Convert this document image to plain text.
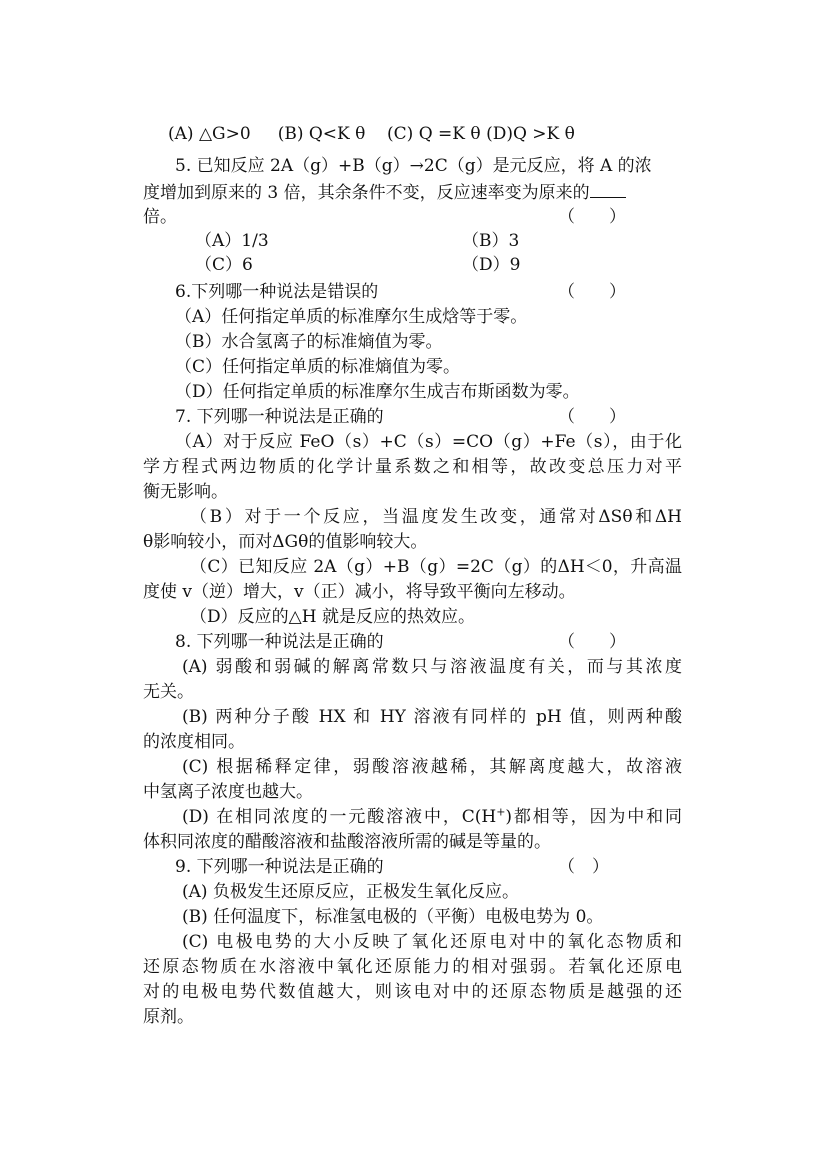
(A) △G>0 (B) Q<K θ (C) Q =K θ (D)Q >K θ
5. 已知反应 2A（g）+B（g）→2C（g）是元反应，将 A 的浓
度增加到原来的 3 倍，其余条件不变，反应速率变为原来的
倍。	（　　）
（A）1/3	（B）3
（C）6	（D）9
6.下列哪一种说法是错误的	（　　）
（A）任何指定单质的标准摩尔生成焓等于零。
（B）水合氢离子的标准熵值为零。
（C）任何指定单质的标准熵值为零。
（D）任何指定单质的标准摩尔生成吉布斯函数为零。
7. 下列哪一种说法是正确的	（　　）
（A）对于反应 FeO（s）+C（s）=CO（g）+Fe（s），由于化
学方程式两边物质的化学计量系数之和相等，故改变总压力对平
衡无影响。
（B）对于一个反应，当温度发生改变，通常对ΔSθ和ΔH
θ影响较小，而对ΔGθ的值影响较大。
（C）已知反应 2A（g）+B（g）=2C（g）的ΔH＜0，升高温
度使 v（逆）增大，v（正）减小，将导致平衡向左移动。
（D）反应的△H 就是反应的热效应。
8. 下列哪一种说法是正确的	（　　）
(A) 弱酸和弱碱的解离常数只与溶液温度有关，而与其浓度
无关。
(B) 两种分子酸 HX 和 HY 溶液有同样的 pH 值，则两种酸
的浓度相同。
(C) 根据稀释定律，弱酸溶液越稀，其解离度越大，故溶液
中氢离子浓度也越大。
(D) 在相同浓度的一元酸溶液中，C(H+)都相等，因为中和同
体积同浓度的醋酸溶液和盐酸溶液所需的碱是等量的。
9. 下列哪一种说法是正确的	（　）
(A) 负极发生还原反应，正极发生氧化反应。
(B) 任何温度下，标准氢电极的（平衡）电极电势为 0。
(C) 电极电势的大小反映了氧化还原电对中的氧化态物质和
还原态物质在水溶液中氧化还原能力的相对强弱。若氧化还原电
对的电极电势代数值越大，则该电对中的还原态物质是越强的还
原剂。
